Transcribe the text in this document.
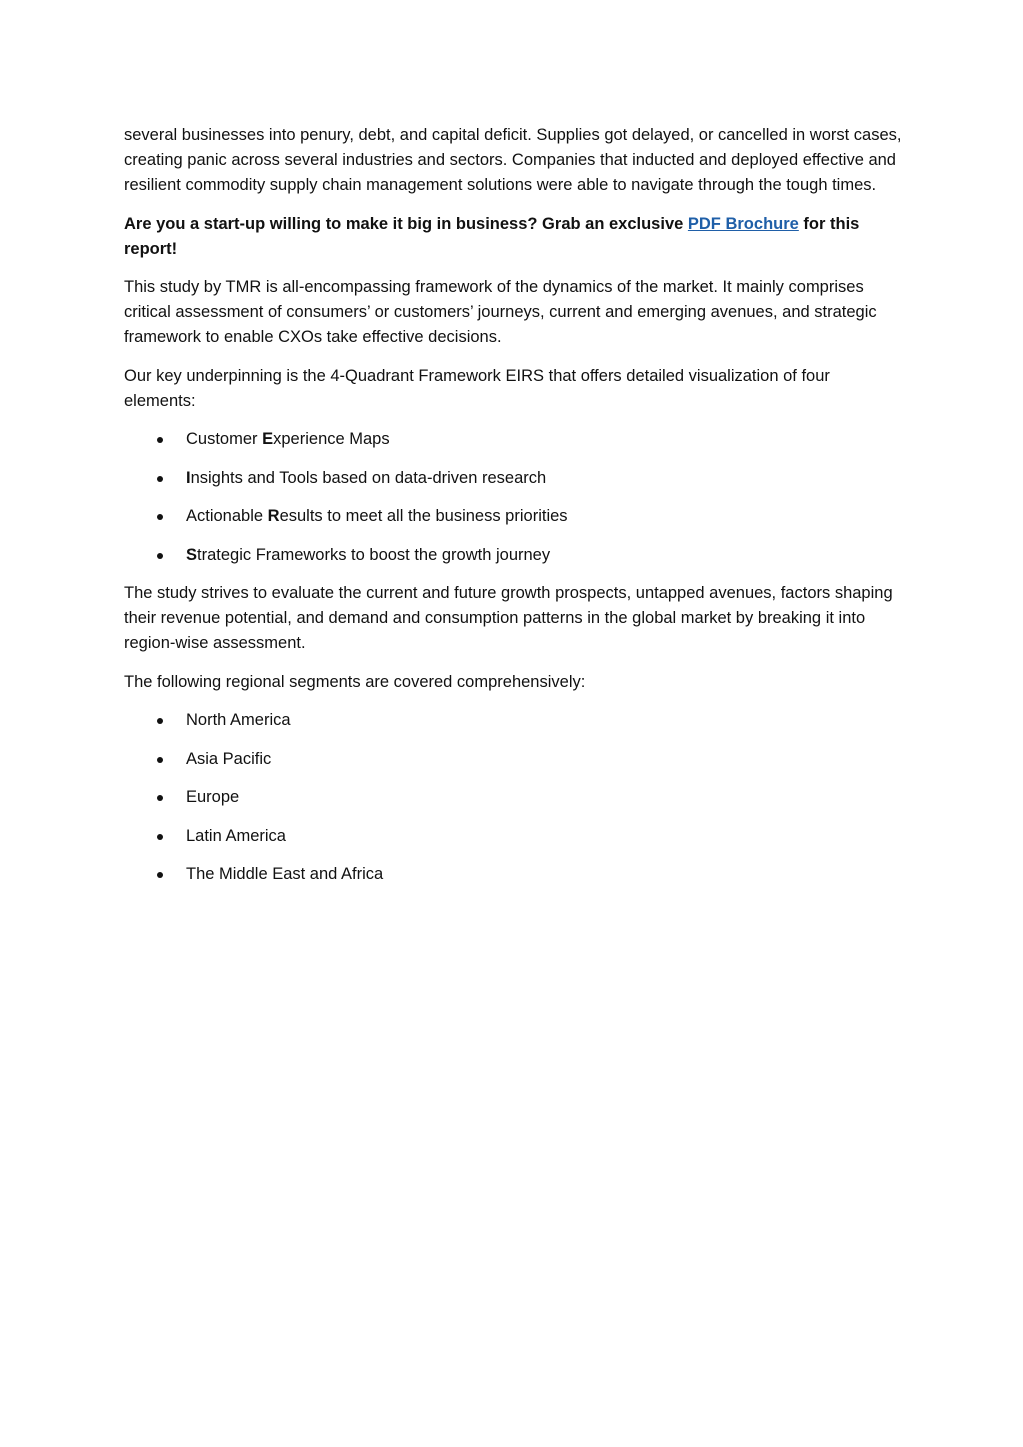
several businesses into penury, debt, and capital deficit. Supplies got delayed, or cancelled in worst cases, creating panic across several industries and sectors. Companies that inducted and deployed effective and resilient commodity supply chain management solutions were able to navigate through the tough times.

Are you a start-up willing to make it big in business? Grab an exclusive PDF Brochure for this report!

This study by TMR is all-encompassing framework of the dynamics of the market. It mainly comprises critical assessment of consumers’ or customers’ journeys, current and emerging avenues, and strategic framework to enable CXOs take effective decisions.

Our key underpinning is the 4-Quadrant Framework EIRS that offers detailed visualization of four elements:

Customer Experience Maps
Insights and Tools based on data-driven research
Actionable Results to meet all the business priorities
Strategic Frameworks to boost the growth journey

The study strives to evaluate the current and future growth prospects, untapped avenues, factors shaping their revenue potential, and demand and consumption patterns in the global market by breaking it into region-wise assessment.

The following regional segments are covered comprehensively:

North America
Asia Pacific
Europe
Latin America
The Middle East and Africa
